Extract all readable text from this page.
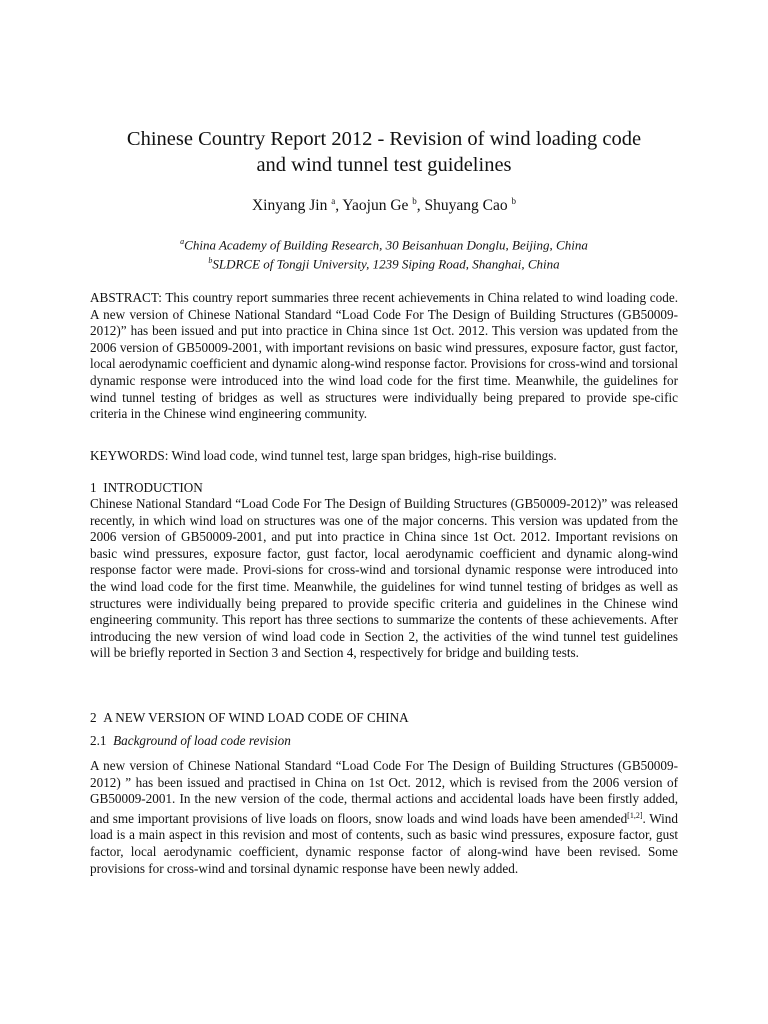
Chinese Country Report 2012 - Revision of wind loading code
and wind tunnel test guidelines
Xinyang Jin $^a$, Yaojun Ge $^b$, Shuyang Cao $^b$
$^a$China Academy of Building Research, 30 Beisanhuan Donglu, Beijing, China
$^b$SLDRCE of Tongji University, 1239 Siping Road, Shanghai, China

ABSTRACT: This country report summaries three recent achievements in China related to wind loading code. A new version of Chinese National Standard “Load Code For The Design of Building Structures (GB50009-2012)” has been issued and put into practice in China since 1st Oct. 2012. This version was updated from the 2006 version of GB50009-2001, with important revisions on basic wind pressures, exposure factor, gust factor, local aerodynamic coefficient and dynamic along-wind response factor. Provisions for cross-wind and torsional dynamic response were introduced into the wind load code for the first time. Meanwhile, the guidelines for wind tunnel testing of bridges as well as structures were individually being prepared to provide spe-cific criteria in the Chinese wind engineering community.

KEYWORDS: Wind load code, wind tunnel test, large span bridges, high-rise buildings.

1 INTRODUCTION

Chinese National Standard “Load Code For The Design of Building Structures (GB50009-2012)” was released recently, in which wind load on structures was one of the major concerns. This version was updated from the 2006 version of GB50009-2001, and put into practice in China since 1st Oct. 2012. Important revisions on basic wind pressures, exposure factor, gust factor, local aerodynamic coefficient and dynamic along-wind response factor were made. Provi-sions for cross-wind and torsional dynamic response were introduced into the wind load code for the first time. Meanwhile, the guidelines for wind tunnel testing of bridges as well as structures were individually being prepared to provide specific criteria and guidelines in the Chinese wind engineering community. This report has three sections to summarize the contents of these achievements. After introducing the new version of wind load code in Section 2, the activities of the wind tunnel test guidelines will be briefly reported in Section 3 and Section 4, respectively for bridge and building tests.

2 A NEW VERSION OF WIND LOAD CODE OF CHINA
2.1 Background of load code revision

A new version of Chinese National Standard “Load Code For The Design of Building Structures (GB50009-2012) ” has been issued and practised in China on 1st Oct. 2012, which is revised from the 2006 version of GB50009-2001. In the new version of the code, thermal actions and accidental loads have been firstly added, and sme important provisions of live loads on floors, snow loads and wind loads have been amended[1,2]. Wind load is a main aspect in this revision and most of contents, such as basic wind pressures, exposure factor, gust factor, local aerodynamic coefficient, dynamic response factor of along-wind have been revised. Some provisions for cross-wind and torsinal dynamic response have been newly added.
